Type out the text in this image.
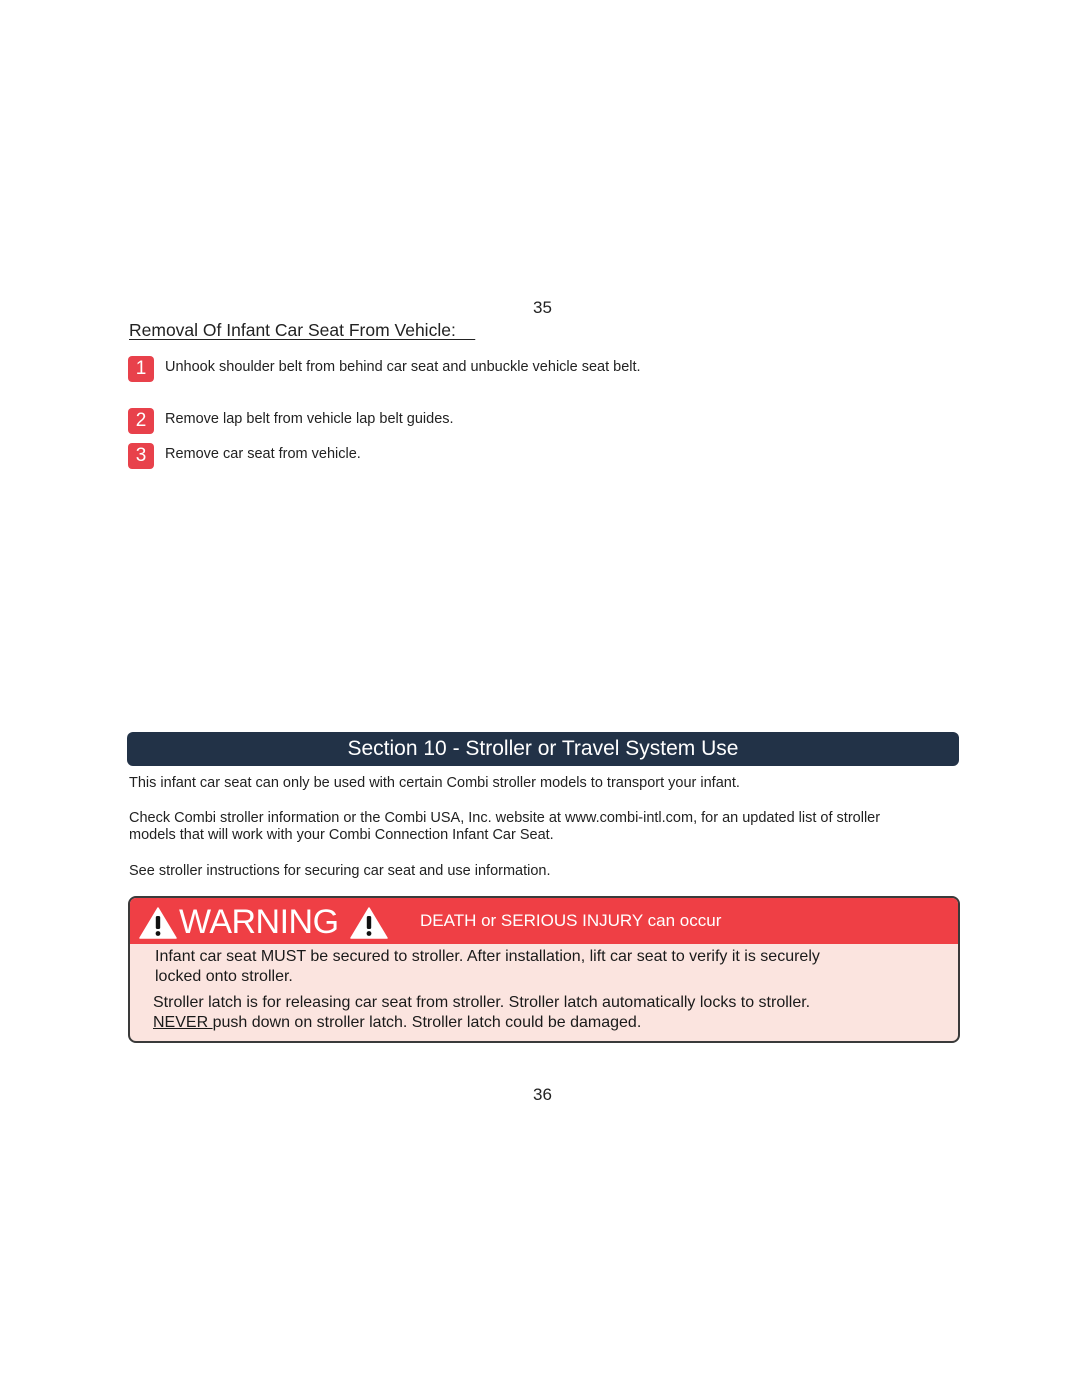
35
Removal Of Infant Car Seat From Vehicle:
1	Unhook shoulder belt from behind car seat and unbuckle vehicle seat belt.
2	Remove lap belt from vehicle lap belt guides.
3	Remove car seat from vehicle.
Section 10 - Stroller or Travel System Use
This infant car seat can only be used with certain Combi stroller models to transport your infant.
Check Combi stroller information or the Combi USA, Inc. website at www.combi-intl.com, for an updated list of stroller models that will work with your Combi Connection Infant Car Seat.
See stroller instructions for securing car seat and use information.
WARNING	DEATH or SERIOUS INJURY can occur
Infant car seat MUST be secured to stroller. After installation, lift car seat to verify it is securely locked onto stroller.
Stroller latch is for releasing car seat from stroller. Stroller latch automatically locks to stroller. NEVER push down on stroller latch. Stroller latch could be damaged.
36
